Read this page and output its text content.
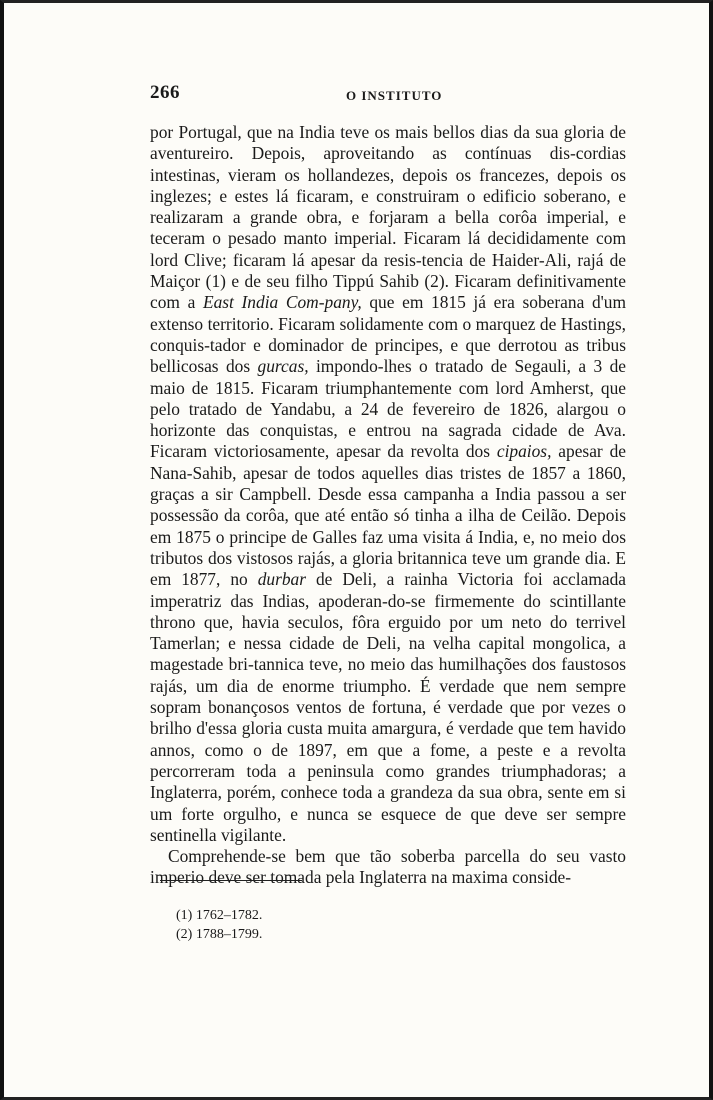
266	O INSTITUTO

por Portugal, que na India teve os mais bellos dias da sua gloria de aventureiro. Depois, aproveitando as contínuas dis-cordias intestinas, vieram os hollandezes, depois os francezes, depois os inglezes; e estes lá ficaram, e construiram o edificio soberano, e realizaram a grande obra, e forjaram a bella corôa imperial, e teceram o pesado manto imperial. Ficaram lá decididamente com lord Clive; ficaram lá apesar da resis-tencia de Haider-Ali, rajá de Maiçor (1) e de seu filho Tippú Sahib (2). Ficaram definitivamente com a East India Com-pany, que em 1815 já era soberana d'um extenso territorio. Ficaram solidamente com o marquez de Hastings, conquis-tador e dominador de principes, e que derrotou as tribus bellicosas dos gurcas, impondo-lhes o tratado de Segauli, a 3 de maio de 1815. Ficaram triumphantemente com lord Amherst, que pelo tratado de Yandabu, a 24 de fevereiro de 1826, alargou o horizonte das conquistas, e entrou na sagrada cidade de Ava. Ficaram victoriosamente, apesar da revolta dos cipaios, apesar de Nana-Sahib, apesar de todos aquelles dias tristes de 1857 a 1860, graças a sir Campbell. Desde essa campanha a India passou a ser possessão da corôa, que até então só tinha a ilha de Ceilão. Depois em 1875 o principe de Galles faz uma visita á India, e, no meio dos tributos dos vistosos rajás, a gloria britannica teve um grande dia. E em 1877, no durbar de Deli, a rainha Victoria foi acclamada imperatriz das Indias, apoderan-do-se firmemente do scintillante throno que, havia seculos, fôra erguido por um neto do terrivel Tamerlan; e nessa cidade de Deli, na velha capital mongolica, a magestade bri-tannica teve, no meio das humilhações dos faustosos rajás, um dia de enorme triumpho. É verdade que nem sempre sopram bonançosos ventos de fortuna, é verdade que por vezes o brilho d'essa gloria custa muita amargura, é verdade que tem havido annos, como o de 1897, em que a fome, a peste e a revolta percorreram toda a peninsula como grandes triumphadoras; a Inglaterra, porém, conhece toda a grandeza da sua obra, sente em si um forte orgulho, e nunca se esquece de que deve ser sempre sentinella vigilante.

Comprehende-se bem que tão soberba parcella do seu vasto imperio deve ser tomada pela Inglaterra na maxima conside-

(1) 1762–1782.
(2) 1788–1799.
